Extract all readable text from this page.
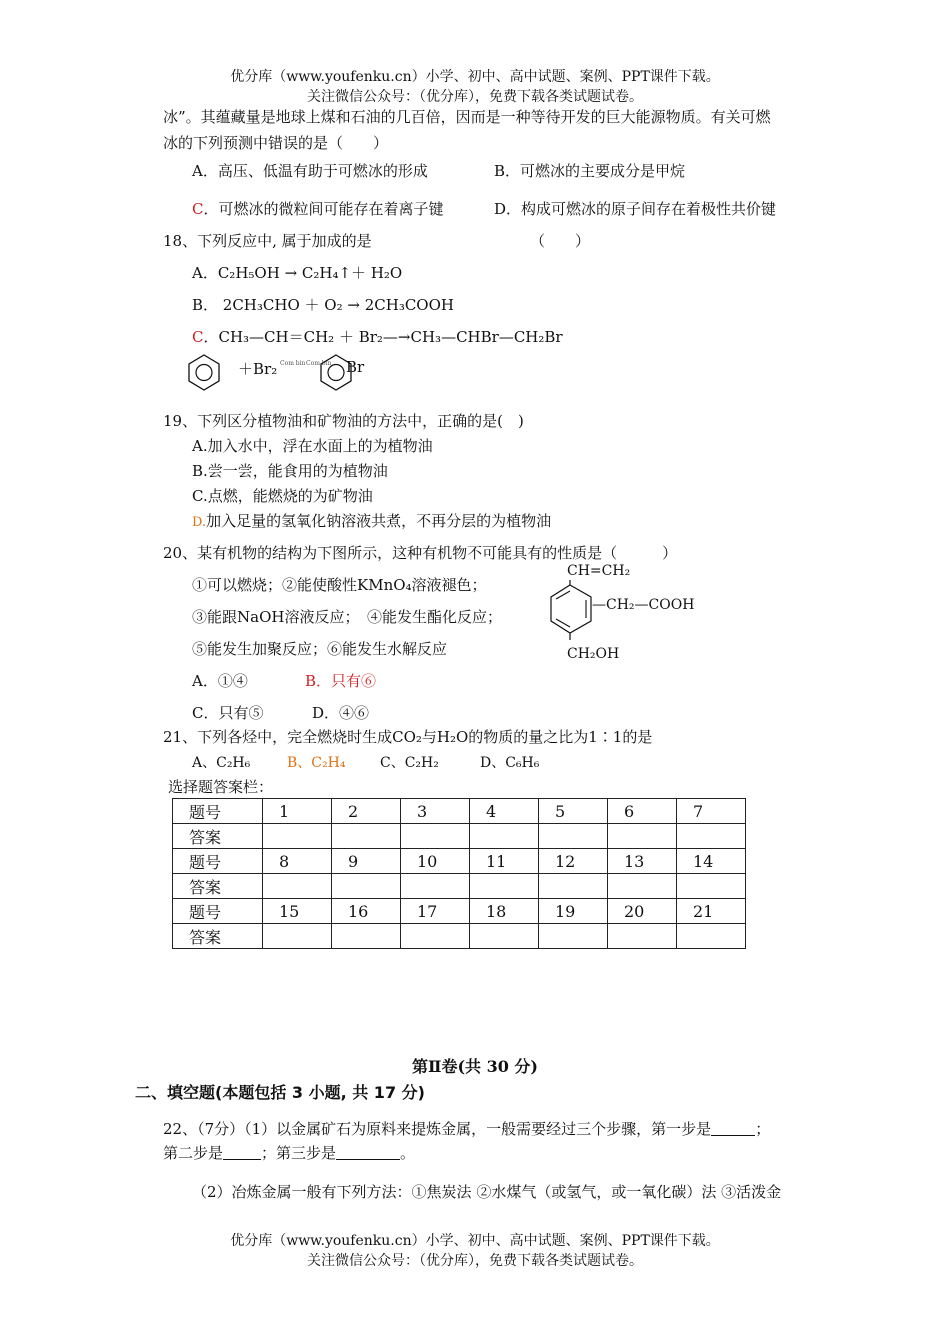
优分库（www.youfenku.cn）小学、初中、高中试题、案例、PPT课件下载。
关注微信公众号：（优分库），免费下载各类试题试卷。
冰”。其蕴藏量是地球上煤和石油的几百倍，因而是一种等待开发的巨大能源物质。有关可燃
冰的下列预测中错误的是（　　）
A．高压、低温有助于可燃冰的形成	B．可燃冰的主要成分是甲烷
C．可燃冰的微粒间可能存在着离子键	D．构成可燃冰的原子间存在着极性共价键
18、下列反应中, 属于加成的是	（　　）
A．C₂H₅OH → C₂H₄↑＋ H₂O
B． 2CH₃CHO ＋ O₂ → 2CH₃COOH
C．CH₃—CH＝CH₂ ＋ Br₂—→CH₃—CHBr—CH₂Br
＋Br₂ Com bin Com bin Br
19、下列区分植物油和矿物油的方法中，正确的是(　)
A.加入水中，浮在水面上的为植物油
B.尝一尝，能食用的为植物油
C.点燃，能燃烧的为矿物油
D.加入足量的氢氧化钠溶液共煮，不再分层的为植物油
20、某有机物的结构为下图所示，这种有机物不可能具有的性质是（　　　）
①可以燃烧；②能使酸性KMnO₄溶液褪色；
③能跟NaOH溶液反应；　④能发生酯化反应；
⑤能发生加聚反应；⑥能发生水解反应
A．①④	B．只有⑥
C．只有⑤	D．④⑥
CH=CH₂
—CH₂—COOH
CH₂OH
21、下列各烃中，完全燃烧时生成CO₂与H₂O的物质的量之比为1∶1的是
A、C₂H₆	B、C₂H₄ C、C₂H₂	D、C₆H₆
选择题答案栏：
题号	1	2	3	4	5	6	7
答案							
题号	8	9	10	11	12	13	14
答案							
题号	15	16	17	18	19	20	21
答案							
第Ⅱ卷(共 30 分)
二、填空题(本题包括 3 小题, 共 17 分)
22、（7分）（1）以金属矿石为原料来提炼金属，一般需要经过三个步骤，第一步是	；
第二步是	；第三步是	。
（2）冶炼金属一般有下列方法：①焦炭法 ②水煤气（或氢气，或一氧化碳）法 ③活泼金
优分库（www.youfenku.cn）小学、初中、高中试题、案例、PPT课件下载。
关注微信公众号：（优分库），免费下载各类试题试卷。
